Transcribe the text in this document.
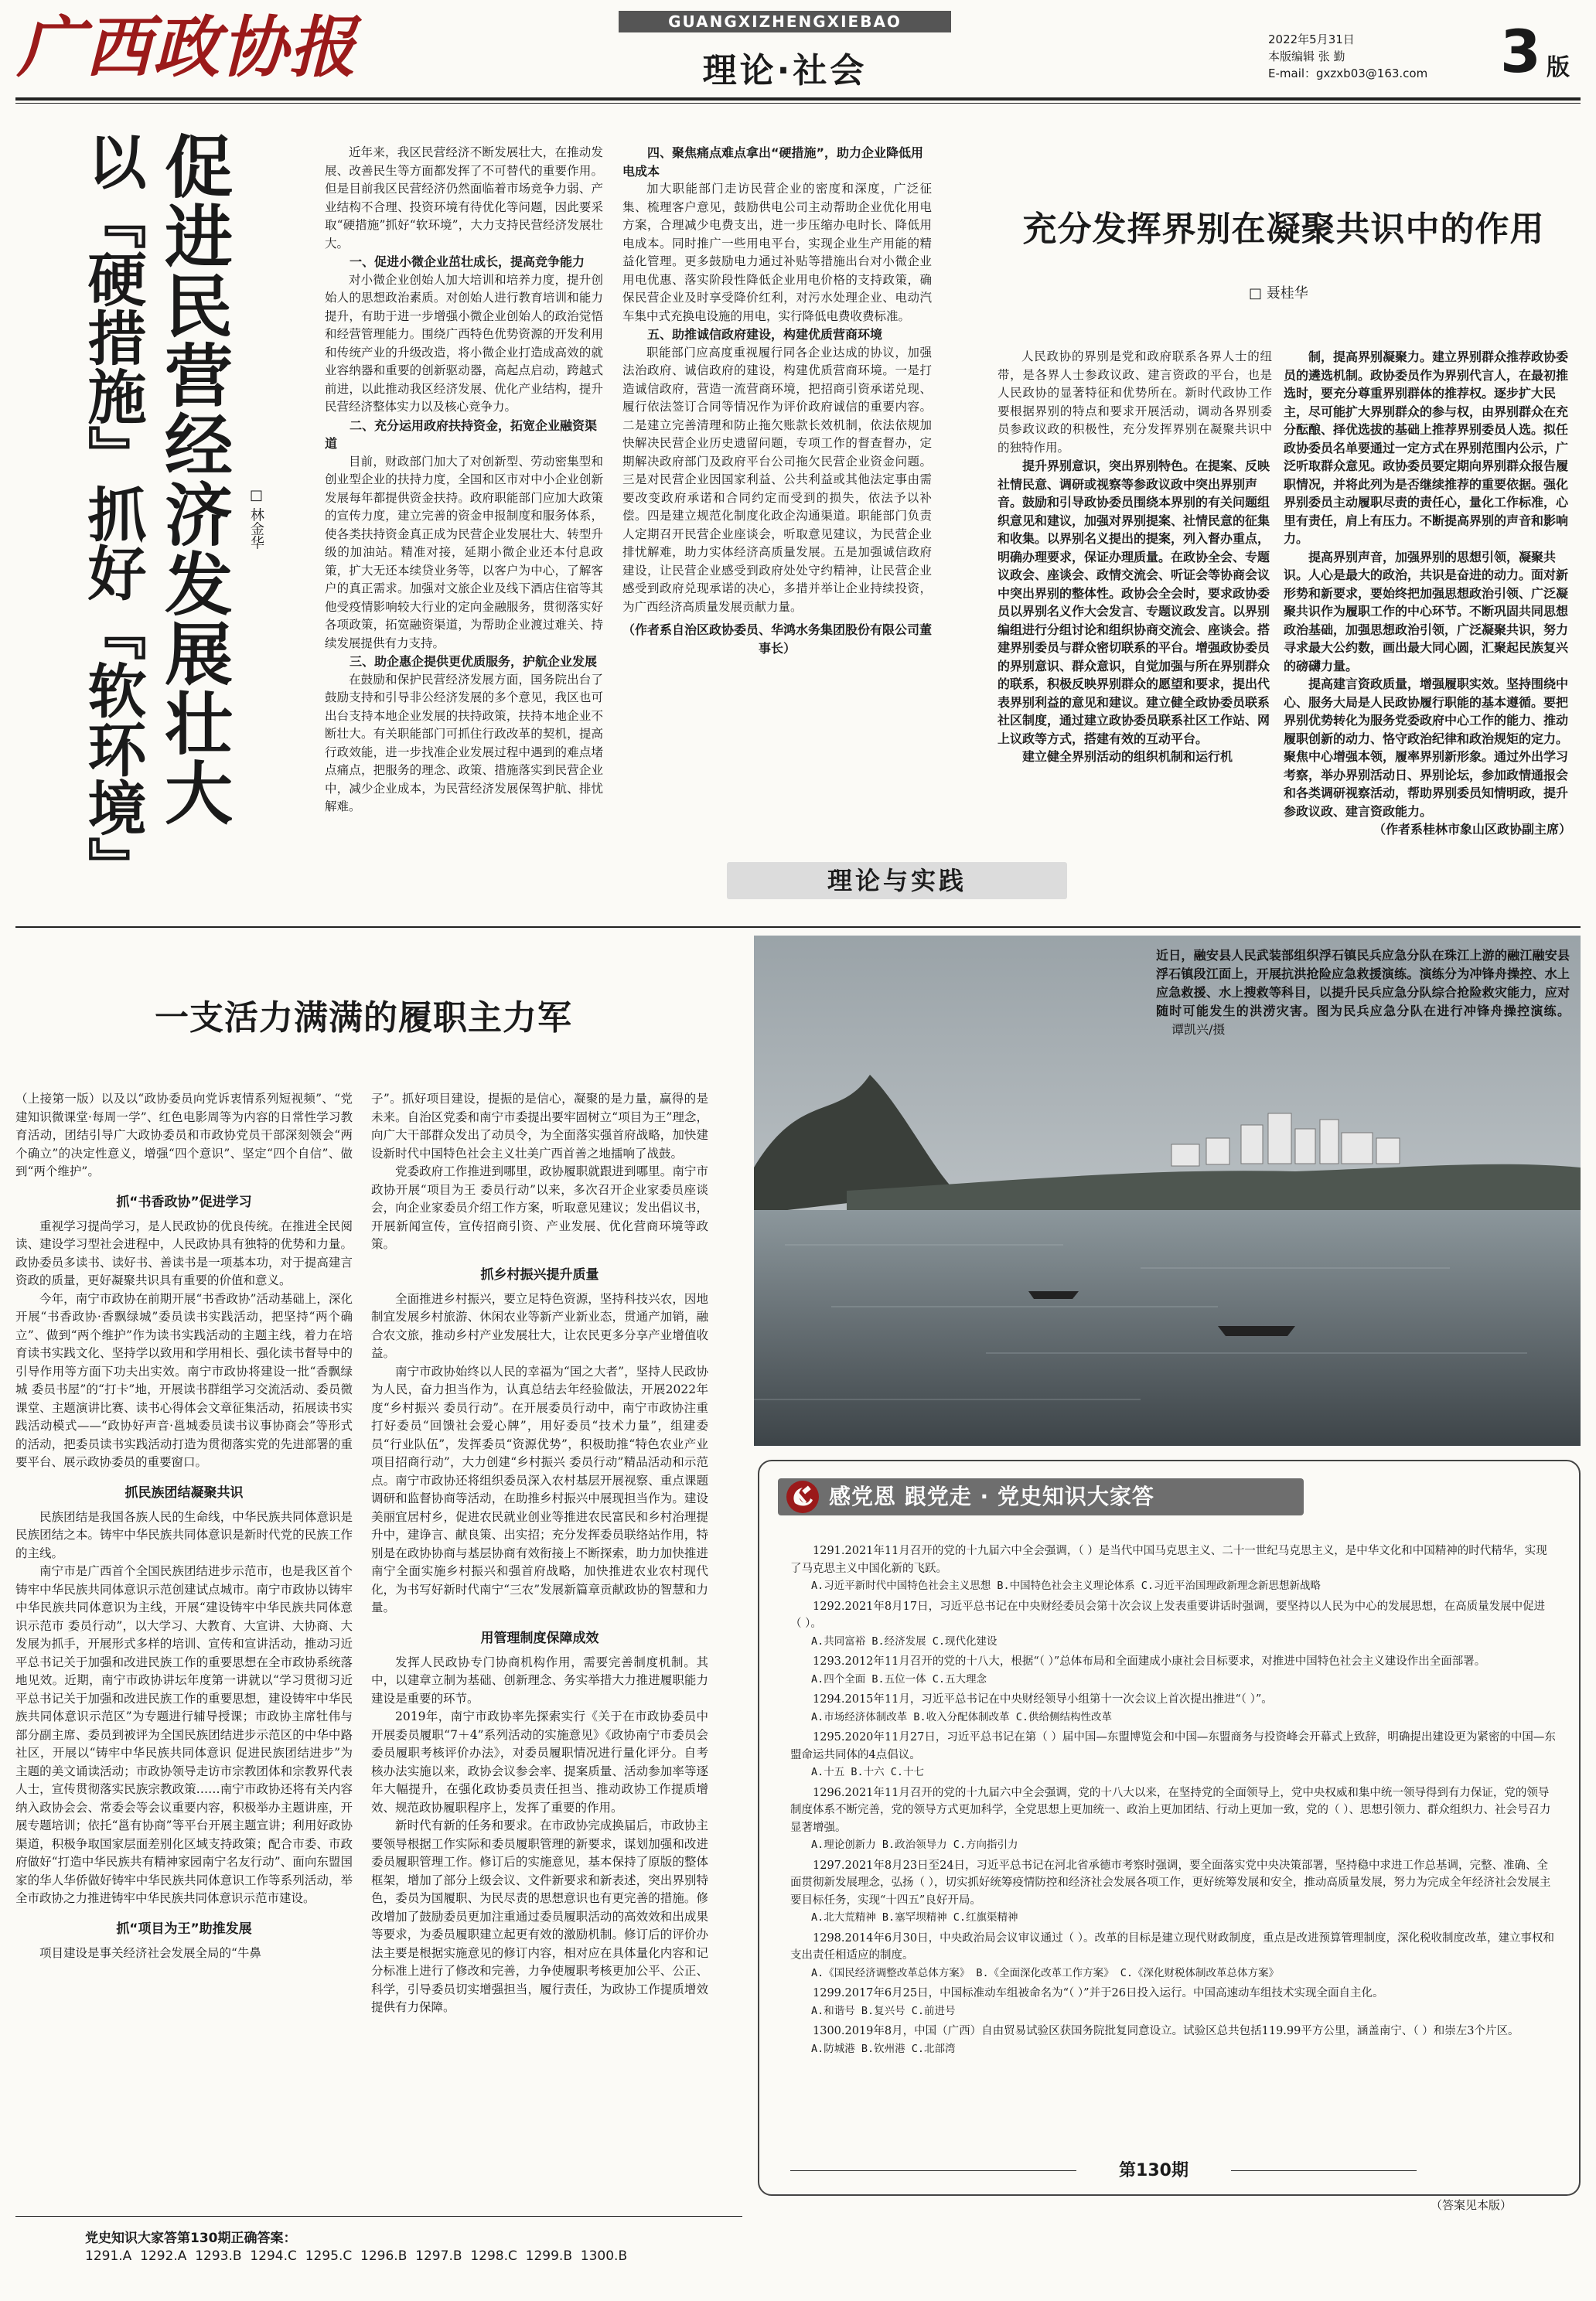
广西政协报	GUANGXIZHENGXIEBAO
理论·社会
2022年5月31日
本版编辑 张 勤
E-mail：gxzxb03@163.com 3 版
促进民营经济发展壮大
以『硬措施』抓好『软环境』	□ 林金华

近年来，我区民营经济不断发展壮大，在推动发展、改善民生等方面都发挥了不可替代的重要作用。但是目前我区民营经济仍然面临着市场竞争力弱、产业结构不合理、投资环境有待优化等问题，因此要采取“硬措施”抓好“软环境”，大力支持民营经济发展壮大。

一、促进小微企业茁壮成长，提高竞争能力

对小微企业创始人加大培训和培养力度，提升创始人的思想政治素质。对创始人进行教育培训和能力提升，有助于进一步增强小微企业创始人的政治觉悟和经营管理能力。围绕广西特色优势资源的开发利用和传统产业的升级改造，将小微企业打造成高效的就业容纳器和重要的创新驱动器，高起点启动，跨越式前进，以此推动我区经济发展、优化产业结构，提升民营经济整体实力以及核心竞争力。

二、充分运用政府扶持资金，拓宽企业融资渠道

目前，财政部门加大了对创新型、劳动密集型和创业型企业的扶持力度，全国和区市对中小企业创新发展每年都提供资金扶持。政府职能部门应加大政策的宣传力度，建立完善的资金申报制度和服务体系，使各类扶持资金真正成为民营企业发展壮大、转型升级的加油站。精准对接，延期小微企业还本付息政策，扩大无还本续贷业务等，以客户为中心，了解客户的真正需求。加强对文旅企业及线下酒店住宿等其他受疫情影响较大行业的定向金融服务，贯彻落实好各项政策，拓宽融资渠道，为帮助企业渡过难关、持续发展提供有力支持。

三、助企惠企提供更优质服务，护航企业发展

在鼓励和保护民营经济发展方面，国务院出台了鼓励支持和引导非公经济发展的多个意见，我区也可出台支持本地企业发展的扶持政策，扶持本地企业不断壮大。有关职能部门可抓住行政改革的契机，提高行政效能，进一步找准企业发展过程中遇到的难点堵点痛点，把服务的理念、政策、措施落实到民营企业中，减少企业成本，为民营经济发展保驾护航、排忧解难。

四、聚焦痛点难点拿出“硬措施”，助力企业降低用电成本

加大职能部门走访民营企业的密度和深度，广泛征集、梳理客户意见，鼓励供电公司主动帮助企业优化用电方案，合理减少电费支出，进一步压缩办电时长、降低用电成本。同时推广一些用电平台，实现企业生产用能的精益化管理。更多鼓励电力通过补贴等措施出台对小微企业用电优惠、落实阶段性降低企业用电价格的支持政策，确保民营企业及时享受降价红利，对污水处理企业、电动汽车集中式充换电设施的用电，实行降低电费收费标准。

五、助推诚信政府建设，构建优质营商环境

职能部门应高度重视履行同各企业达成的协议，加强法治政府、诚信政府的建设，构建优质营商环境。一是打造诚信政府，营造一流营商环境，把招商引资承诺兑现、履行依法签订合同等情况作为评价政府诚信的重要内容。二是建立完善清理和防止拖欠账款长效机制，依法依规加快解决民营企业历史遗留问题，专项工作的督查督办，定期解决政府部门及政府平台公司拖欠民营企业资金问题。三是对民营企业因国家利益、公共利益或其他法定事由需要改变政府承诺和合同约定而受到的损失，依法予以补偿。四是建立规范化制度化政企沟通渠道。职能部门负责人定期召开民营企业座谈会，听取意见建议，为民营企业排忧解难，助力实体经济高质量发展。五是加强诚信政府建设，让民营企业感受到政府处处守约精神，让民营企业感受到政府兑现承诺的决心，多措并举让企业持续投资，为广西经济高质量发展贡献力量。

（作者系自治区政协委员、华鸿水务集团股份有限公司董事长）

充分发挥界别在凝聚共识中的作用
□ 聂桂华

人民政协的界别是党和政府联系各界人士的纽带，是各界人士参政议政、建言资政的平台，也是人民政协的显著特征和优势所在。新时代政协工作要根据界别的特点和要求开展活动，调动各界别委员参政议政的积极性，充分发挥界别在凝聚共识中的独特作用。

提升界别意识，突出界别特色。在提案、反映社情民意、调研或视察等参政议政中突出界别声音。鼓励和引导政协委员围绕本界别的有关问题组织意见和建议，加强对界别提案、社情民意的征集和收集。以界别名义提出的提案，列入督办重点，明确办理要求，保证办理质量。在政协全会、专题议政会、座谈会、政情交流会、听证会等协商会议中突出界别的整体性。政协会全会时，要求政协委员以界别名义作大会发言、专题议政发言。以界别编组进行分组讨论和组织协商交流会、座谈会。搭建界别委员与群众密切联系的平台。增强政协委员的界别意识、群众意识，自觉加强与所在界别群众的联系，积极反映界别群众的愿望和要求，提出代表界别利益的意见和建议。建立健全政协委员联系社区制度，通过建立政协委员联系社区工作站、网上议政等方式，搭建有效的互动平台。

建立健全界别活动的组织机制和运行机

制，提高界别凝聚力。建立界别群众推荐政协委员的遴选机制。政协委员作为界别代言人，在最初推选时，要充分尊重界别群体的推荐权。逐步扩大民主，尽可能扩大界别群众的参与权，由界别群众在充分酝酿、择优选拔的基础上推荐界别委员人选。拟任政协委员名单要通过一定方式在界别范围内公示，广泛听取群众意见。政协委员要定期向界别群众报告履职情况，并将此列为是否继续推荐的重要依据。强化界别委员主动履职尽责的责任心，量化工作标准，心里有责任，肩上有压力。不断提高界别的声音和影响力。

提高界别声音，加强界别的思想引领，凝聚共识。人心是最大的政治，共识是奋进的动力。面对新形势和新要求，要始终把加强思想政治引领、广泛凝聚共识作为履职工作的中心环节。不断巩固共同思想政治基础，加强思想政治引领，广泛凝聚共识，努力寻求最大公约数，画出最大同心圆，汇聚起民族复兴的磅礴力量。

提高建言资政质量，增强履职实效。坚持围绕中心、服务大局是人民政协履行职能的基本遵循。要把界别优势转化为服务党委政府中心工作的能力、推动履职创新的动力、恪守政治纪律和政治规矩的定力。聚焦中心增强本领，履率界别新形象。通过外出学习考察，举办界别活动日、界别论坛，参加政情通报会和各类调研视察活动，帮助界别委员知情明政，提升参政议政、建言资政能力。

（作者系桂林市象山区政协副主席）

理论与实践
一支活力满满的履职主力军

（上接第一版）以及以“政协委员向党诉衷情系列短视频”、“党建知识微课堂·每周一学”、红色电影周等为内容的日常性学习教育活动，团结引导广大政协委员和市政协党员干部深刻领会“两个确立”的决定性意义，增强“四个意识”、坚定“四个自信”、做到“两个维护”。

抓“书香政协”促进学习

重视学习提尚学习，是人民政协的优良传统。在推进全民阅读、建设学习型社会进程中，人民政协具有独特的优势和力量。政协委员多读书、读好书、善读书是一项基本功，对于提高建言资政的质量，更好凝聚共识具有重要的价值和意义。

今年，南宁市政协在前期开展“书香政协”活动基础上，深化开展“书香政协·香飘绿城”委员读书实践活动，把坚持“两个确立”、做到“两个维护”作为读书实践活动的主题主线，着力在培育读书实践文化、坚持学以致用和学用相长、强化读书督导中的引导作用等方面下功夫出实效。南宁市政协将建设一批“香飘绿城 委员书屋”的“打卡”地，开展读书群组学习交流活动、委员微课堂、主题演讲比赛、读书心得体会文章征集活动，拓展读书实践活动模式——“政协好声音·邕城委员读书议事协商会”等形式的活动，把委员读书实践活动打造为贯彻落实党的先进部署的重要平台、展示政协委员的重要窗口。

抓民族团结凝聚共识

民族团结是我国各族人民的生命线，中华民族共同体意识是民族团结之本。铸牢中华民族共同体意识是新时代党的民族工作的主线。

南宁市是广西首个全国民族团结进步示范市，也是我区首个铸牢中华民族共同体意识示范创建试点城市。南宁市政协以铸牢中华民族共同体意识为主线，开展“建设铸牢中华民族共同体意识示范市 委员行动”，以大学习、大教育、大宣讲、大协商、大发展为抓手，开展形式多样的培训、宣传和宣讲活动，推动习近平总书记关于加强和改进民族工作的重要思想在全市政协系统落地见效。近期，南宁市政协讲坛年度第一讲就以“学习贯彻习近平总书记关于加强和改进民族工作的重要思想，建设铸牢中华民族共同体意识示范区”为专题进行辅导授课；市政协主席牡伟与部分副主席、委员到被评为全国民族团结进步示范区的中华中路社区，开展以“铸牢中华民族共同体意识 促进民族团结进步”为主题的美文诵读活动；市政协领导走访市宗教团体和宗教界代表人士，宣传贯彻落实民族宗教政策……南宁市政协还将有关内容纳入政协会会、常委会等会议重要内容，积极举办主题讲座，开展专题培训；依托“邕有协商”等平台开展主题宣讲；利用好政协渠道，积极争取国家层面差别化区域支持政策；配合市委、市政府做好“打造中华民族共有精神家园南宁名友行动”、面向东盟国家的华人华侨做好铸牢中华民族共同体意识工作等系列活动，举全市政协之力推进铸牢中华民族共同体意识示范市建设。

抓“项目为王”助推发展

项目建设是事关经济社会发展全局的“牛鼻

子”。抓好项目建设，提振的是信心，凝聚的是力量，赢得的是未来。自治区党委和南宁市委提出要牢固树立“项目为王”理念，向广大干部群众发出了动员令，为全面落实强首府战略，加快建设新时代中国特色社会主义壮美广西首善之地擂响了战鼓。

党委政府工作推进到哪里，政协履职就跟进到哪里。南宁市政协开展“项目为王 委员行动”以来，多次召开企业家委员座谈会，向企业家委员介绍工作方案，听取意见建议；发出倡议书，开展新闻宣传，宣传招商引资、产业发展、优化营商环境等政策。

抓乡村振兴提升质量

全面推进乡村振兴，要立足特色资源，坚持科技兴农，因地制宜发展乡村旅游、休闲农业等新产业新业态，贯通产加销，融合农文旅，推动乡村产业发展壮大，让农民更多分享产业增值收益。

南宁市政协始终以人民的幸福为“国之大者”，坚持人民政协为人民，奋力担当作为，认真总结去年经验做法，开展2022年度“乡村振兴 委员行动”。在开展委员行动中，南宁市政协注重打好委员“回馈社会爱心牌”，用好委员“技术力量”，组建委员“行业队伍”，发挥委员“资源优势”，积极助推“特色农业产业项目招商行动”，大力创建“乡村振兴 委员行动”精品活动和示范点。南宁市政协还将组织委员深入农村基层开展视察、重点课题调研和监督协商等活动，在助推乡村振兴中展现担当作为。建设美丽宜居村乡，促进农民就业创业等推进农民富民和乡村治理提升中，建诤言、献良策、出实招；充分发挥委员联络站作用，特别是在政协协商与基层协商有效衔接上不断探索，助力加快推进南宁全面实施乡村振兴和强首府战略，加快推进农业农村现代化，为书写好新时代南宁“三农”发展新篇章贡献政协的智慧和力量。

用管理制度保障成效

发挥人民政协专门协商机构作用，需要完善制度机制。其中，以建章立制为基础、创新理念、务实举措大力推进履职能力建设是重要的环节。

2019年，南宁市政协率先探索实行《关于在市政协委员中开展委员履职“7＋4”系列活动的实施意见》《政协南宁市委员会委员履职考核评价办法》，对委员履职情况进行量化评分。自考核办法实施以来，政协会议参会率、提案质量、活动参加率等逐年大幅提升，在强化政协委员责任担当、推动政协工作提质增效、规范政协履职程序上，发挥了重要的作用。

新时代有新的任务和要求。在市政协完成换届后，市政协主要领导根据工作实际和委员履职管理的新要求，谋划加强和改进委员履职管理工作。修订后的实施意见，基本保持了原版的整体框架，增加了部分上级会议、文件新要求和新表述，突出界别特色，委员为国履职、为民尽责的思想意识也有更完善的措施。修改增加了鼓励委员更加注重通过委员履职活动的高效效和出成果等要求，为委员履职建立起更有效的激励机制。修订后的评价办法主要是根据实施意见的修订内容，相对应在具体量化内容和记分标准上进行了修改和完善，力争使履职考核更加公平、公正、科学，引导委员切实增强担当，履行责任，为政协工作提质增效提供有力保障。

近日，融安县人民武装部组织浮石镇民兵应急分队在珠江上游的融江融安县浮石镇段江面上，开展抗洪抢险应急救援演练。演练分为冲锋舟操控、水上应急救援、水上搜救等科目，以提升民兵应急分队综合抢险救灾能力，应对随时可能发生的洪涝灾害。图为民兵应急分队在进行冲锋舟操控演练。 谭凯兴/摄
感党恩 跟党走 · 党史知识大家答

1291.2021年11月召开的党的十九届六中全会强调，（ ）是当代中国马克思主义、二十一世纪马克思主义，是中华文化和中国精神的时代精华，实现了马克思主义中国化新的飞跃。

A.习近平新时代中国特色社会主义思想 B.中国特色社会主义理论体系 C.习近平治国理政新理念新思想新战略

1292.2021年8月17日，习近平总书记在中央财经委员会第十次会议上发表重要讲话时强调，要坚持以人民为中心的发展思想，在高质量发展中促进（ ）。

A.共同富裕 B.经济发展 C.现代化建设

1293.2012年11月召开的党的十八大，根据“（ ）”总体布局和全面建成小康社会目标要求，对推进中国特色社会主义建设作出全面部署。

A.四个全面 B.五位一体 C.五大理念

1294.2015年11月，习近平总书记在中央财经领导小组第十一次会议上首次提出推进“（ ）”。

A.市场经济体制改革 B.收入分配体制改革 C.供给侧结构性改革

1295.2020年11月27日，习近平总书记在第（ ）届中国—东盟博览会和中国—东盟商务与投资峰会开幕式上致辞，明确提出建设更为紧密的中国—东盟命运共同体的4点倡议。

A.十五 B.十六 C.十七

1296.2021年11月召开的党的十九届六中全会强调，党的十八大以来，在坚持党的全面领导上，党中央权威和集中统一领导得到有力保证，党的领导制度体系不断完善，党的领导方式更加科学，全党思想上更加统一、政治上更加团结、行动上更加一致，党的（ ）、思想引领力、群众组织力、社会号召力显著增强。

A.理论创新力 B.政治领导力 C.方向指引力

1297.2021年8月23日至24日，习近平总书记在河北省承德市考察时强调，要全面落实党中央决策部署，坚持稳中求进工作总基调，完整、准确、全面贯彻新发展理念，弘扬（ ），切实抓好统筹疫情防控和经济社会发展各项工作，更好统筹发展和安全，推动高质量发展，努力为完成全年经济社会发展主要目标任务，实现“十四五”良好开局。

A.北大荒精神 B.塞罕坝精神 C.红旗渠精神

1298.2014年6月30日，中央政治局会议审议通过（ ）。改革的目标是建立现代财政制度，重点是改进预算管理制度，深化税收制度改革，建立事权和支出责任相适应的制度。

A.《国民经济调整改革总体方案》 B.《全面深化改革工作方案》 C.《深化财税体制改革总体方案》

1299.2017年6月25日，中国标准动车组被命名为“（ ）”并于26日投入运行。中国高速动车组技术实现全面自主化。

A.和谐号 B.复兴号 C.前进号

1300.2019年8月，中国（广西）自由贸易试验区获国务院批复同意设立。试验区总共包括119.99平方公里，涵盖南宁、（ ）和崇左3个片区。

A.防城港 B.钦州港 C.北部湾

第130期
（答案见本版）
党史知识大家答第130期正确答案：
1291.A  1292.A  1293.B  1294.C  1295.C  1296.B  1297.B  1298.C  1299.B  1300.B
